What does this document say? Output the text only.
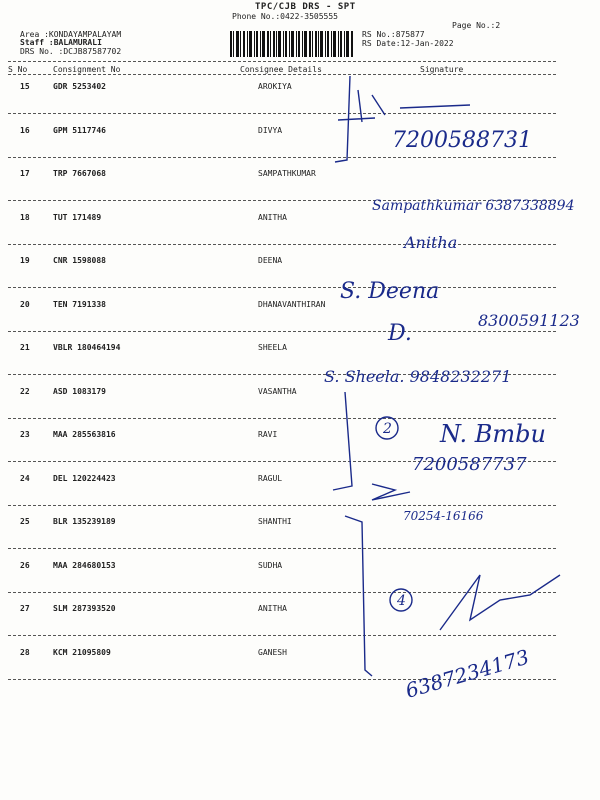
TPC/CJB DRS - SPT
Phone No.:0422-3505555
Area :KONDAYAMPALAYAM
Staff :BALAMURALI
DRS No. :DCJB87587702
RS No.:875877
RS Date:12-Jan-2022
Page No.:2
S No	Consignment No	Consignee Details	Signature
15	GDR 5253402	AROKIYA
16	GPM 5117746	DIVYA
17	TRP 7667068	SAMPATHKUMAR
18	TUT 171489	ANITHA
19	CNR 1598088	DEENA
20	TEN 7191338	DHANAVANTHIRAN
21	VBLR 180464194	SHEELA
22	ASD 1083179	VASANTHA
23	MAA 285563816	RAVI
24	DEL 120224423	RAGUL
25	BLR 135239189	SHANTHI
26	MAA 284680153	SUDHA
27	SLM 287393520	ANITHA
28	KCM 21095809	GANESH
7200588731
Sampathkumar 6387338894
Anitha
S. Deena
D.
8300591123
S. Sheela. 9848232271
2 N. Bmbu
7200587737
70254-16166
4
6387234173
